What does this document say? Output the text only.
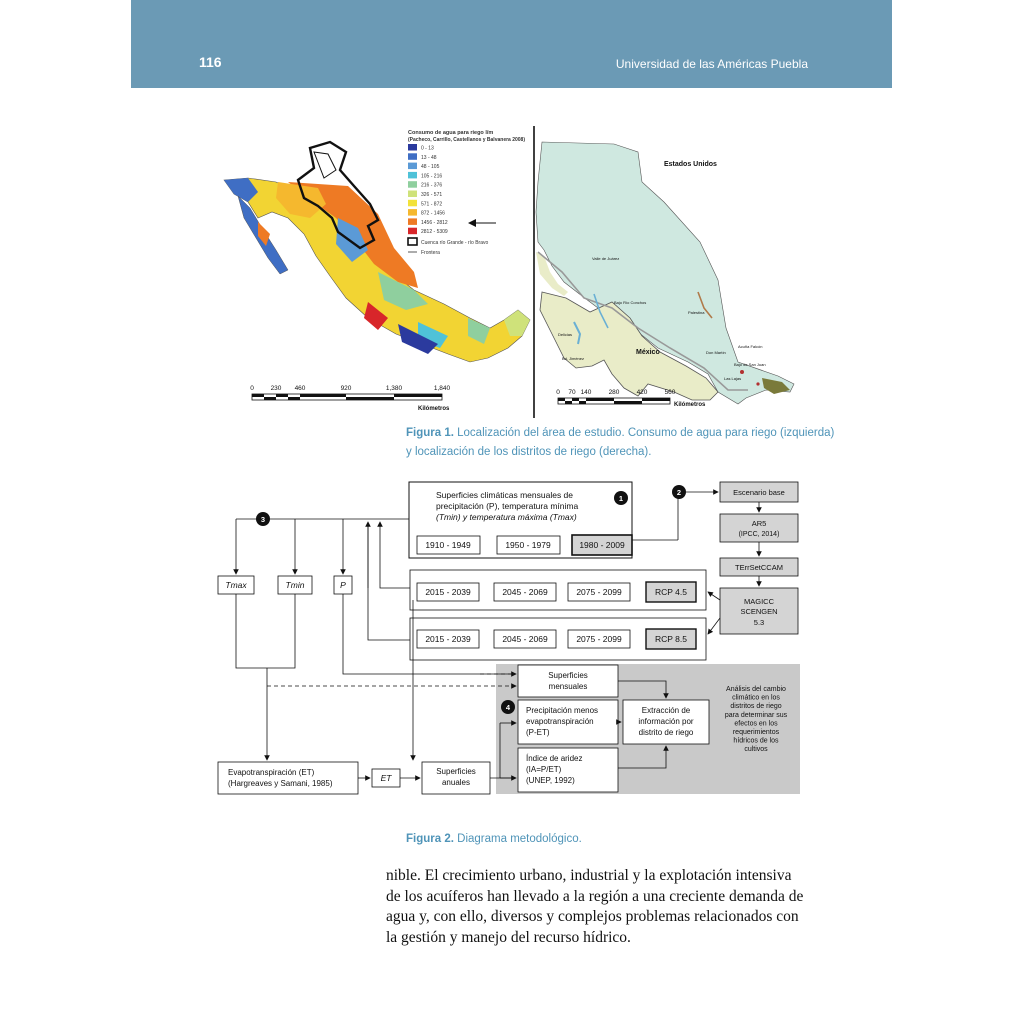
116	Universidad de las Américas Puebla
Consumo de agua para riego l/m
(Pacheco, Carrillo, Castellanos y Balvanera 2008)
0 - 13
13 - 48
48 - 105
105 - 216
216 - 376
326 - 571
571 - 872
872 - 1456
1456 - 2812
2812 - 5309
Cuenca río Grande - río Bravo
Frontera
0	230 460	920	1,380	1,840
Kilómetros
Estados Unidos
México
Valle de Juárez
Bajo Río Conchos
Palestina
Delicias
Bd. Jiménez
Don Martín
Acuña Falcón
Bajo de San Juan
Las Lajas
0 70 140	280	420	560
Kilómetros
Figura 1. Localización del área de estudio. Consumo de agua para riego (izquierda)
y localización de los distritos de riego (derecha).
Superficies climáticas mensuales de
precipitación (P), temperatura mínima
(Tmin) y temperatura máxima (Tmax)
1
1910 - 1949	1950 - 1979	1980 - 2009
2015 - 2039	2045 - 2069	2075 - 2099	RCP 4.5
2015 - 2039	2045 - 2069	2075 - 2099	RCP 8.5
Escenario base
AR5
(IPCC, 2014)
TErrSetCCAM
MAGICC
SCENGEN
5.3
2
3
Tmax	Tmin	P
Evapotranspiración (ET)
(Hargreaves y Samani, 1985)
ET
Superficies
anuales
Superficies
mensuales
4 Precipitación menos
evapotranspiración
(P-ET)
Índice de aridez
(IA=P/ET)
(UNEP, 1992)
Extracción de
información por
distrito de riego
Análisis del cambio
climático en los
distritos de riego
para determinar sus
efectos en los
requerimientos
hídricos de los
cultivos
Figura 2. Diagrama metodológico.

nible. El crecimiento urbano, industrial y la explotación intensiva

de los acuíferos han llevado a la región a una creciente demanda de

agua y, con ello, diversos y complejos problemas relacionados con

la gestión y manejo del recurso hídrico.
